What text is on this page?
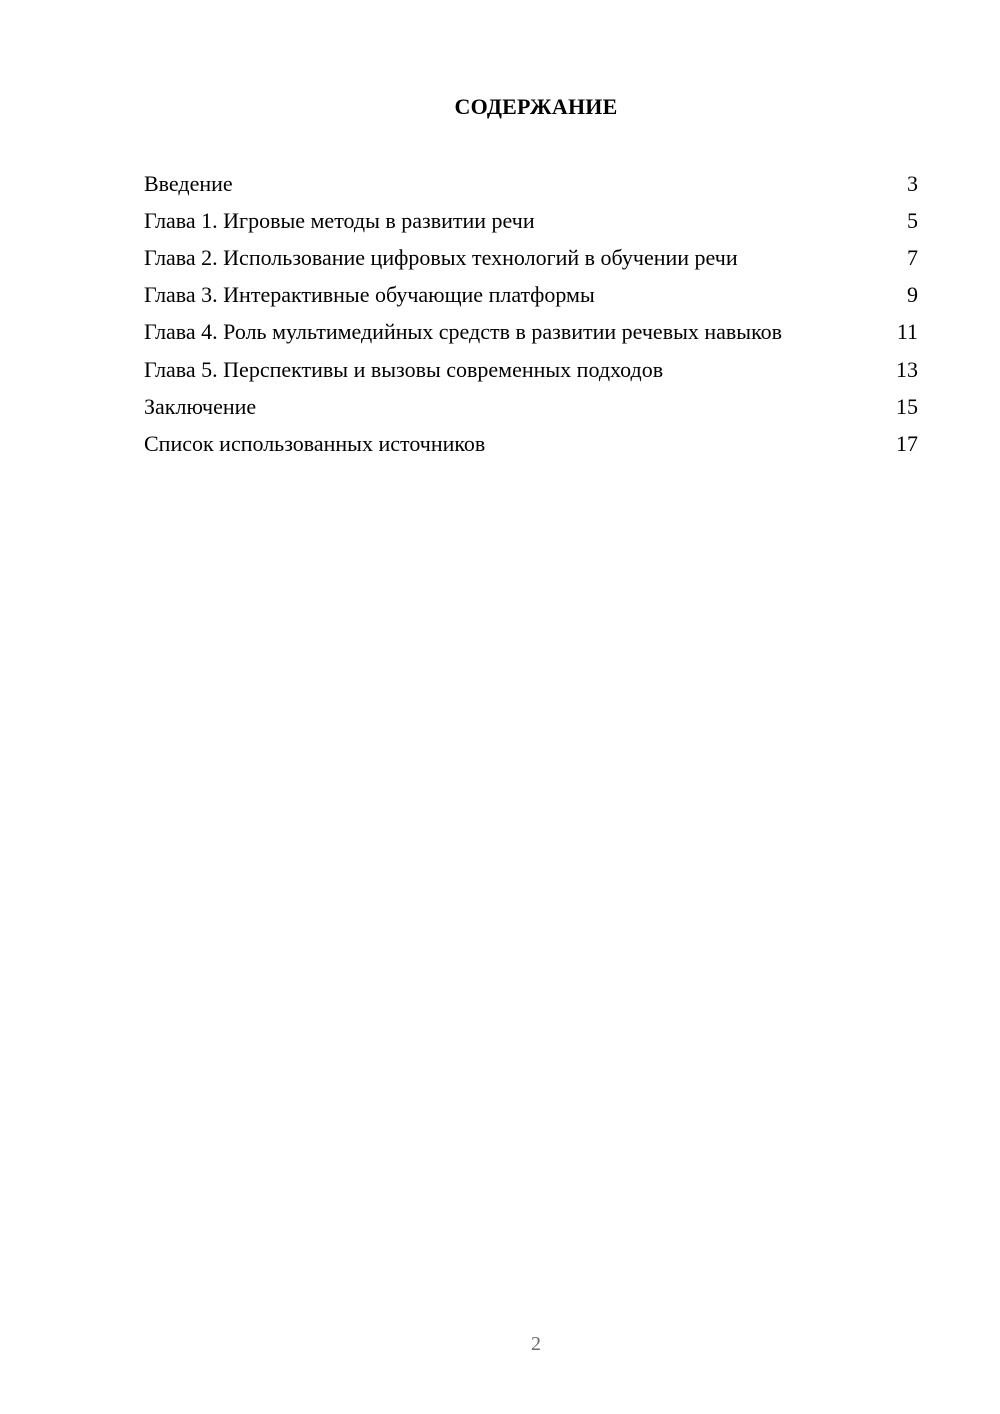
СОДЕРЖАНИЕ
Введение	3
Глава 1. Игровые методы в развитии речи	5
Глава 2. Использование цифровых технологий в обучении речи	7
Глава 3. Интерактивные обучающие платформы	9
Глава 4. Роль мультимедийных средств в развитии речевых навыков	11
Глава 5. Перспективы и вызовы современных подходов	13
Заключение	15
Список использованных источников	17
2
